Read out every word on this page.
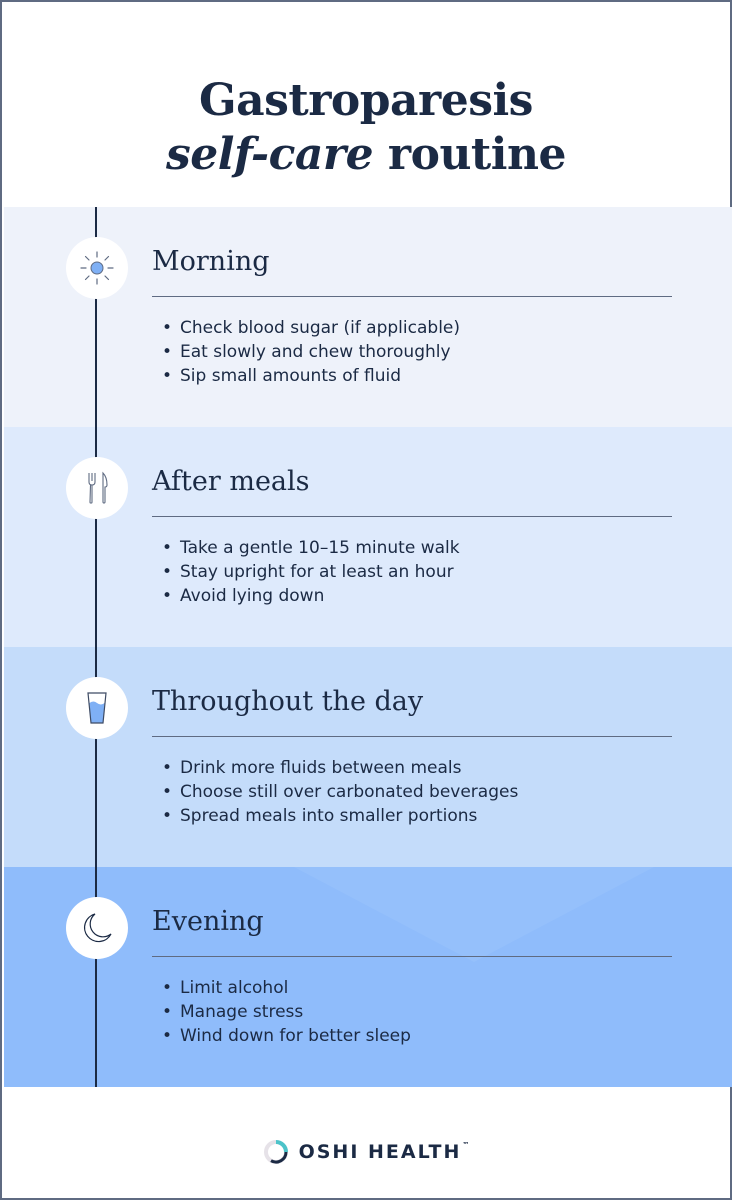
Gastroparesis
self-care routine
Morning
• Check blood sugar (if applicable)
• Eat slowly and chew thoroughly
• Sip small amounts of fluid
After meals
• Take a gentle 10–15 minute walk
• Stay upright for at least an hour
• Avoid lying down
Throughout the day
• Drink more fluids between meals
• Choose still over carbonated beverages
• Spread meals into smaller portions
Evening
• Limit alcohol
• Manage stress
• Wind down for better sleep
OSHI HEALTH™
